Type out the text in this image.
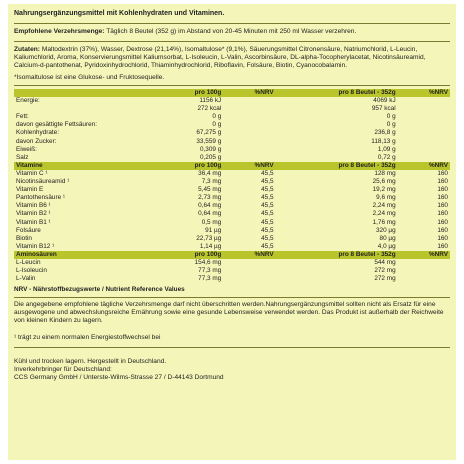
Nahrungsergänzungsmittel mit Kohlenhydraten und Vitaminen.

Empfohlene Verzehrsmenge: Täglich 8 Beutel (352 g) im Abstand von 20-45 Minuten mit 250 ml Wasser verzehren.

Zutaten: Maltodextrin (37%), Wasser, Dextrose (21,14%), Isomaltulose* (9,1%), Säuerungsmittel Citronensäure, Natriumchlorid, L-Leucin, Kaliumchlorid, Aroma, Konservierungsmittel Kaliumsorbat, L-Isoleucin, L-Valin, Ascorbinsäure, DL-alpha-Tocopherylacetat, Nicotinsäureamid, Calcium-d-pantothenat, Pyridoxinhydrochlorid, Thiaminhydrochlorid, Riboflavin, Folsäure, Biotin, Cyanocobalamin.

*Isomaltulose ist eine Glukose- und Fruktosequelle.

	pro 100g	%NRV	pro 8 Beutel - 352g	%NRV
Energie:	1156 kJ		4069 kJ	
	272 kcal		957 kcal	
Fett:	0 g		0 g	
davon gesättigte Fettsäuren:	0 g		0 g	
Kohlenhydrate:	67,275 g		236,8 g	
davon Zucker:	33,559 g		118,13 g	
Eiweiß:	0,309 g		1,09 g	
Salz	0,205 g		0,72 g	
Vitamine	pro 100g	%NRV	pro 8 Beutel - 352g	%NRV
Vitamin C ¹	36,4 mg	45,5	128 mg	160
Nicotinsäureamid ¹	7,3 mg	45,5	25,6 mg	160
Vitamin E	5,45 mg	45,5	19,2 mg	160
Pantothensäure ¹	2,73 mg	45,5	9,6 mg	160
Vitamin B6 ¹	0,64 mg	45,5	2,24 mg	160
Vitamin B2 ¹	0,64 mg	45,5	2,24 mg	160
Vitamin B1 ¹	0,5 mg	45,5	1,76 mg	160
Folsäure	91 µg	45,5	320 µg	160
Biotin	22,73 µg	45,5	80 µg	160
Vitamin B12 ¹	1,14 µg	45,5	4,0 µg	160
Aminosäuren	pro 100g	%NRV	pro 8 Beutel - 352g	%NRV
L-Leucin	154,6 mg		544 mg	
L-Isoleucin	77,3 mg		272 mg	
L-Valin	77,3 mg		272 mg	
NRV - Nährstoffbezugswerte / Nutrient Reference Values

Die angegebene empfohlene tägliche Verzehrsmenge darf nicht überschritten werden.Nahrungsergänzungsmittel sollten nicht als Ersatz für eine ausgewogene und abwechslungsreiche Ernährung sowie eine gesunde Lebensweise verwendet werden. Das Produkt ist außerhalb der Reichweite von kleinen Kindern zu lagern.

¹ trägt zu einem normalen Energiestoffwechsel bei

Kühl und trocken lagern. Hergestellt in Deutschland.
Inverkehrbringer für Deutschland:
CCS Germany GmbH / Unterste-Wilms-Strasse 27 / D-44143 Dortmund
